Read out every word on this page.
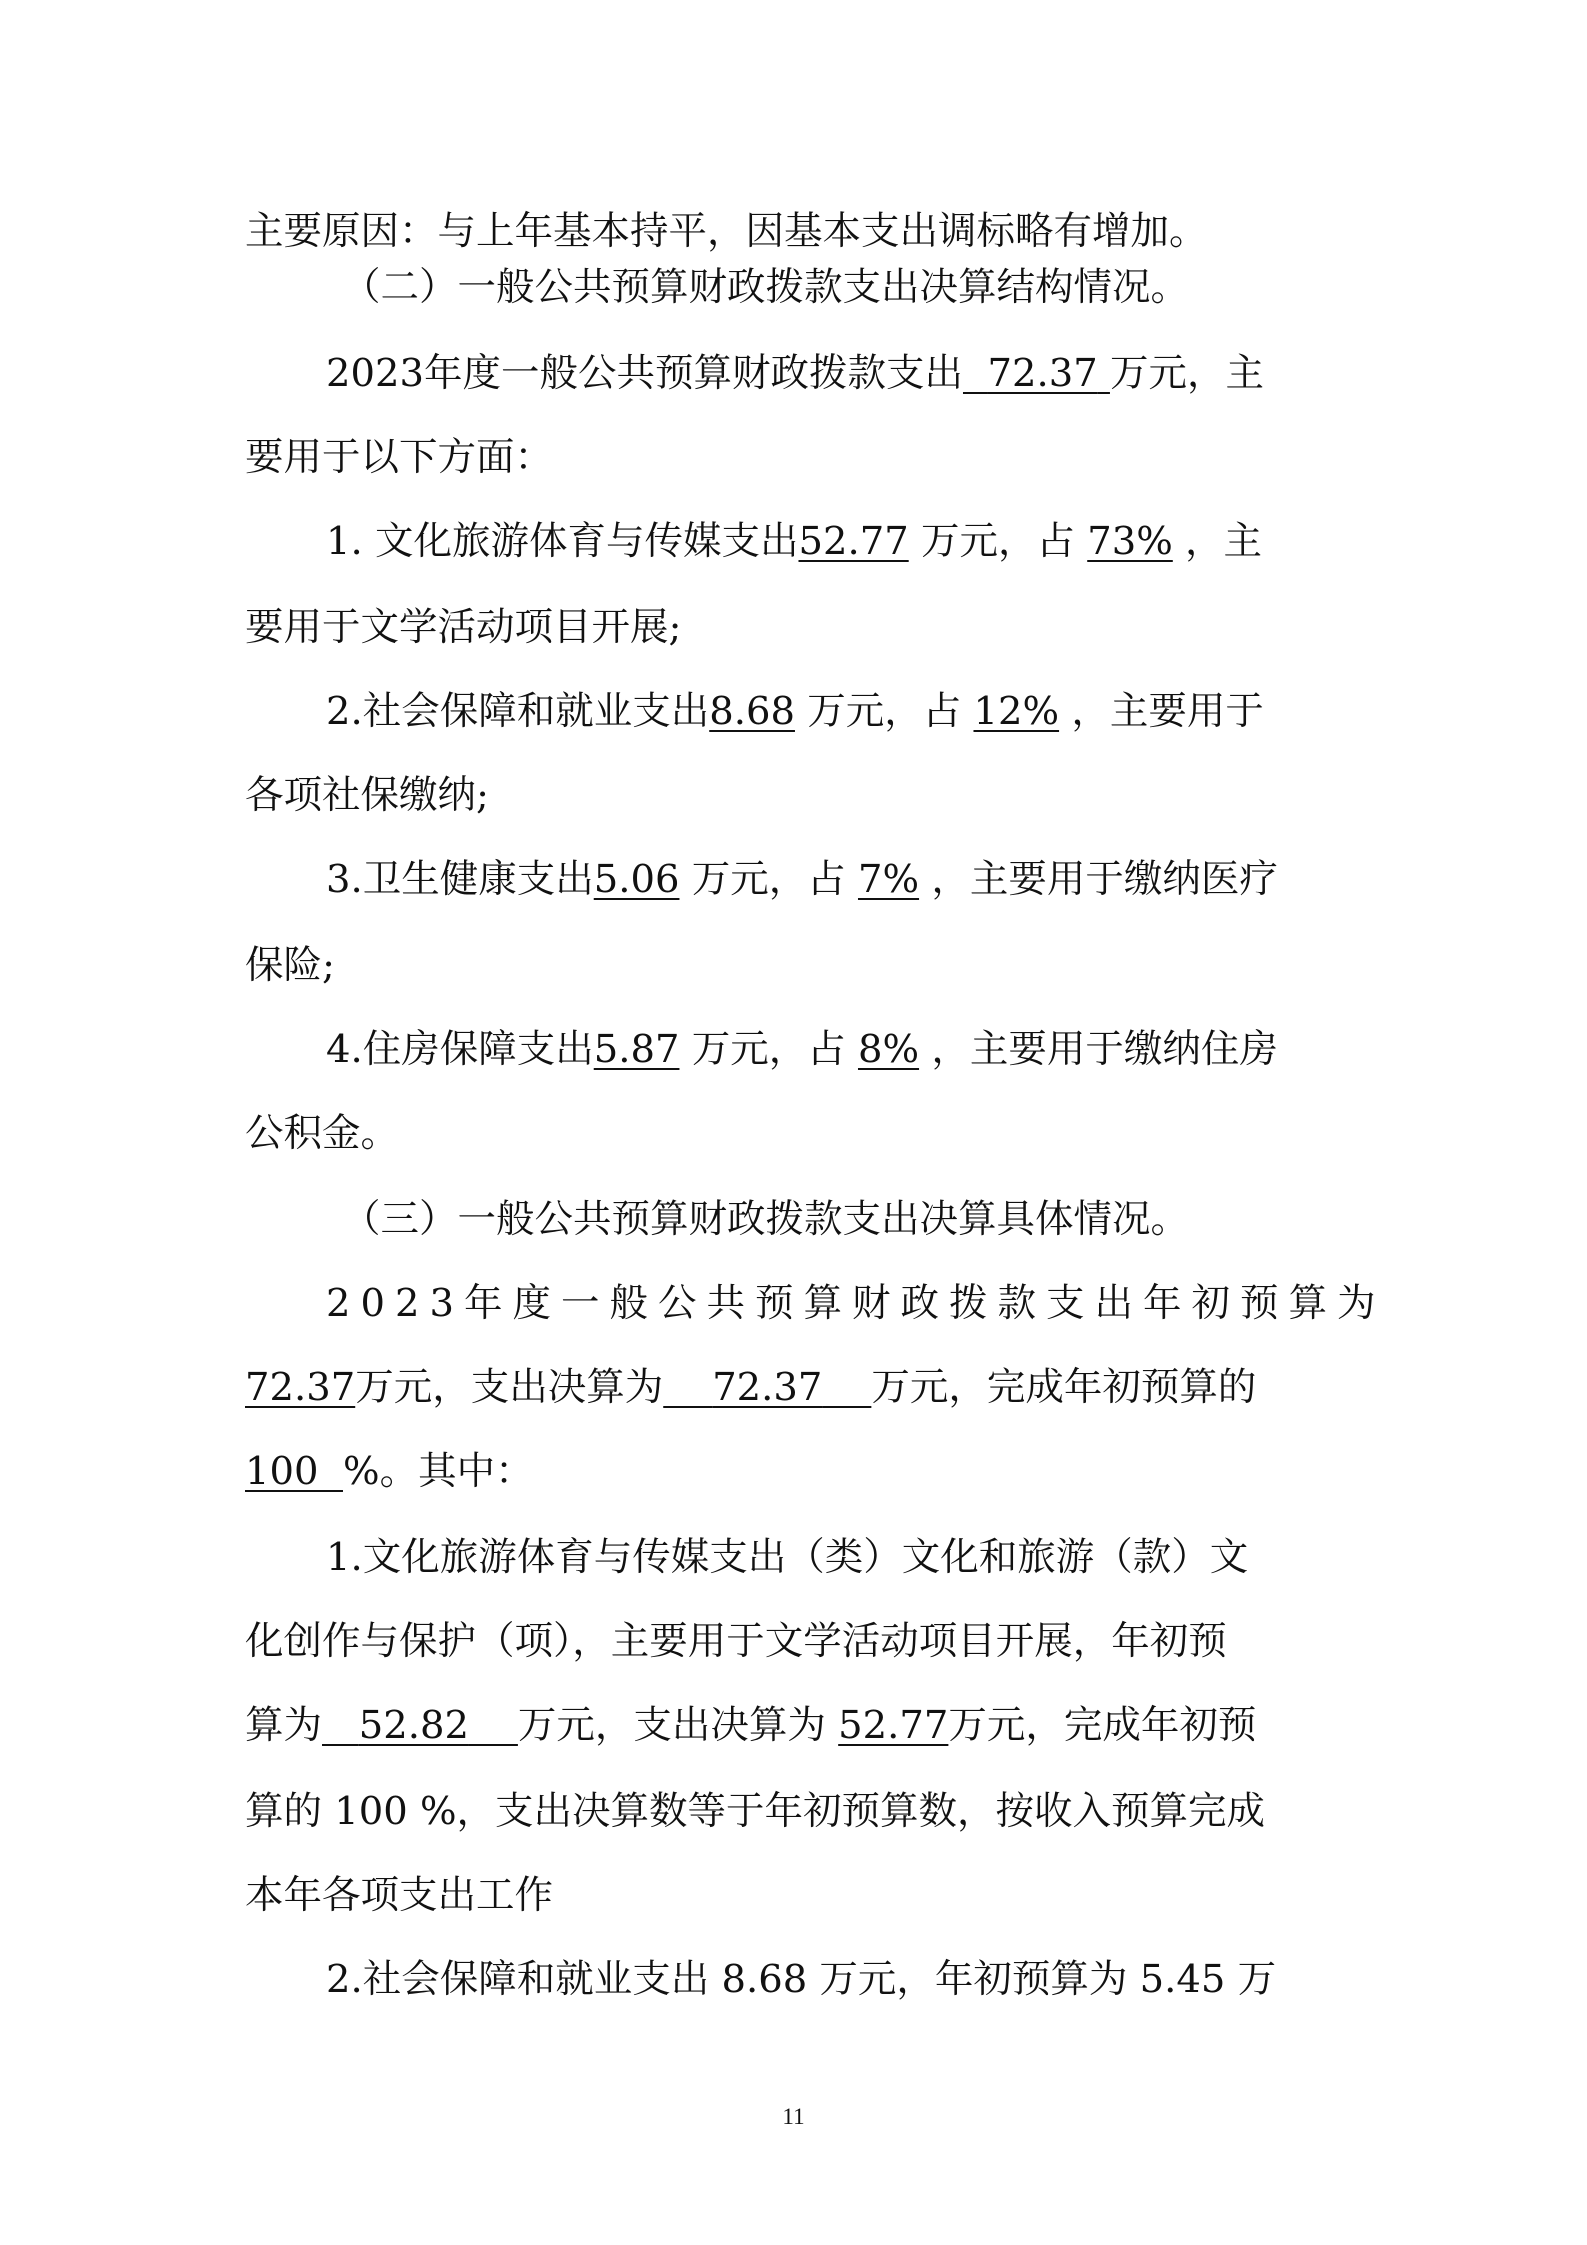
主要原因：与上年基本持平，因基本支出调标略有增加。
（二）一般公共预算财政拨款支出决算结构情况。
2023年度一般公共预算财政拨款支出 72.37 万元，主
要用于以下方面：
1. 文化旅游体育与传媒支出52.77 万元，占 73% ，主
要用于文学活动项目开展;
2.社会保障和就业支出8.68 万元，占 12% ，主要用于
各项社保缴纳;
3.卫生健康支出5.06 万元，占 7% ，主要用于缴纳医疗
保险;
4.住房保障支出5.87 万元，占 8% ，主要用于缴纳住房
公积金。
（三）一般公共预算财政拨款支出决算具体情况。
2023年度一般公共预算财政拨款支出年初预算为
72.37万元，支出决算为 72.37 万元，完成年初预算的
100 %。其中：
1.文化旅游体育与传媒支出（类）文化和旅游（款）文
化创作与保护（项），主要用于文学活动项目开展，年初预
算为 52.82 万元，支出决算为 52.77万元，完成年初预
算的 100 %，支出决算数等于年初预算数，按收入预算完成
本年各项支出工作
2.社会保障和就业支出 8.68 万元，年初预算为 5.45 万
11
